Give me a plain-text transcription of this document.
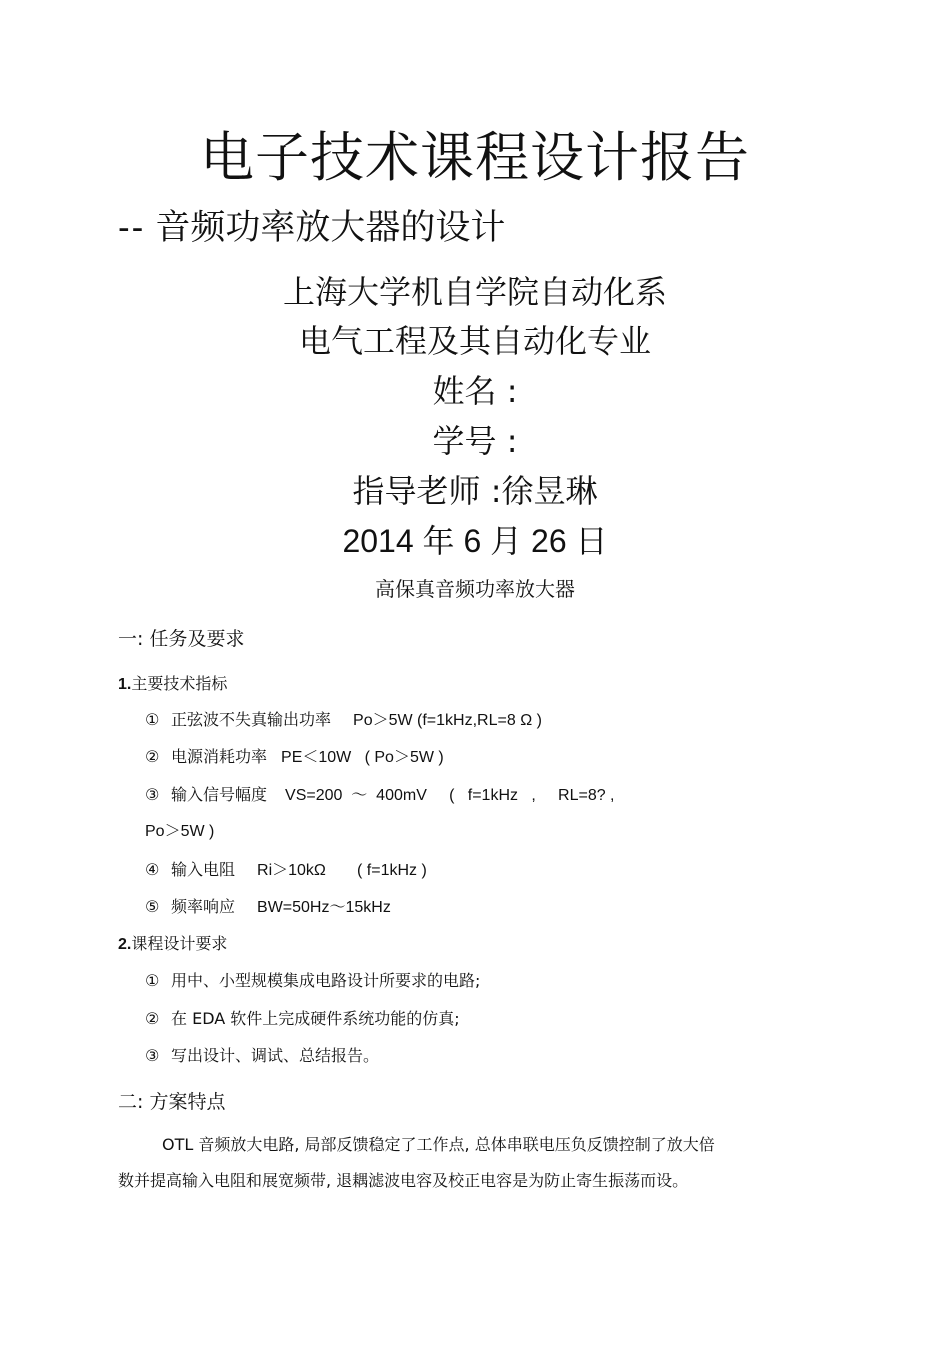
电子技术课程设计报告
-- 音频功率放大器的设计
上海大学机自学院自动化系
电气工程及其自动化专业
姓名 :
学号 :
指导老师 :徐昱琳
2014 年 6 月 26 日
高保真音频功率放大器
一: 任务及要求
1.主要技术指标
① 正弦波不失真输出功率 Po＞5W (f=1kHz,RL=8 Ω )
② 电源消耗功率 PE＜10W   ( Po＞5W )
③ 输入信号幅度 VS=200  ～  400mV     (   f=1kHz   ,     RL=8? ,
Po＞5W )
④ 输入电阻 Ri＞10kΩ       ( f=1kHz )
⑤ 频率响应 BW=50Hz～15kHz
2.课程设计要求
① 用中、小型规模集成电路设计所要求的电路;
② 在 EDA 软件上完成硬件系统功能的仿真;
③ 写出设计、调试、总结报告。
二: 方案特点
OTL 音频放大电路, 局部反馈稳定了工作点, 总体串联电压负反馈控制了放大倍
数并提高输入电阻和展宽频带, 退耦滤波电容及校正电容是为防止寄生振荡而设。
